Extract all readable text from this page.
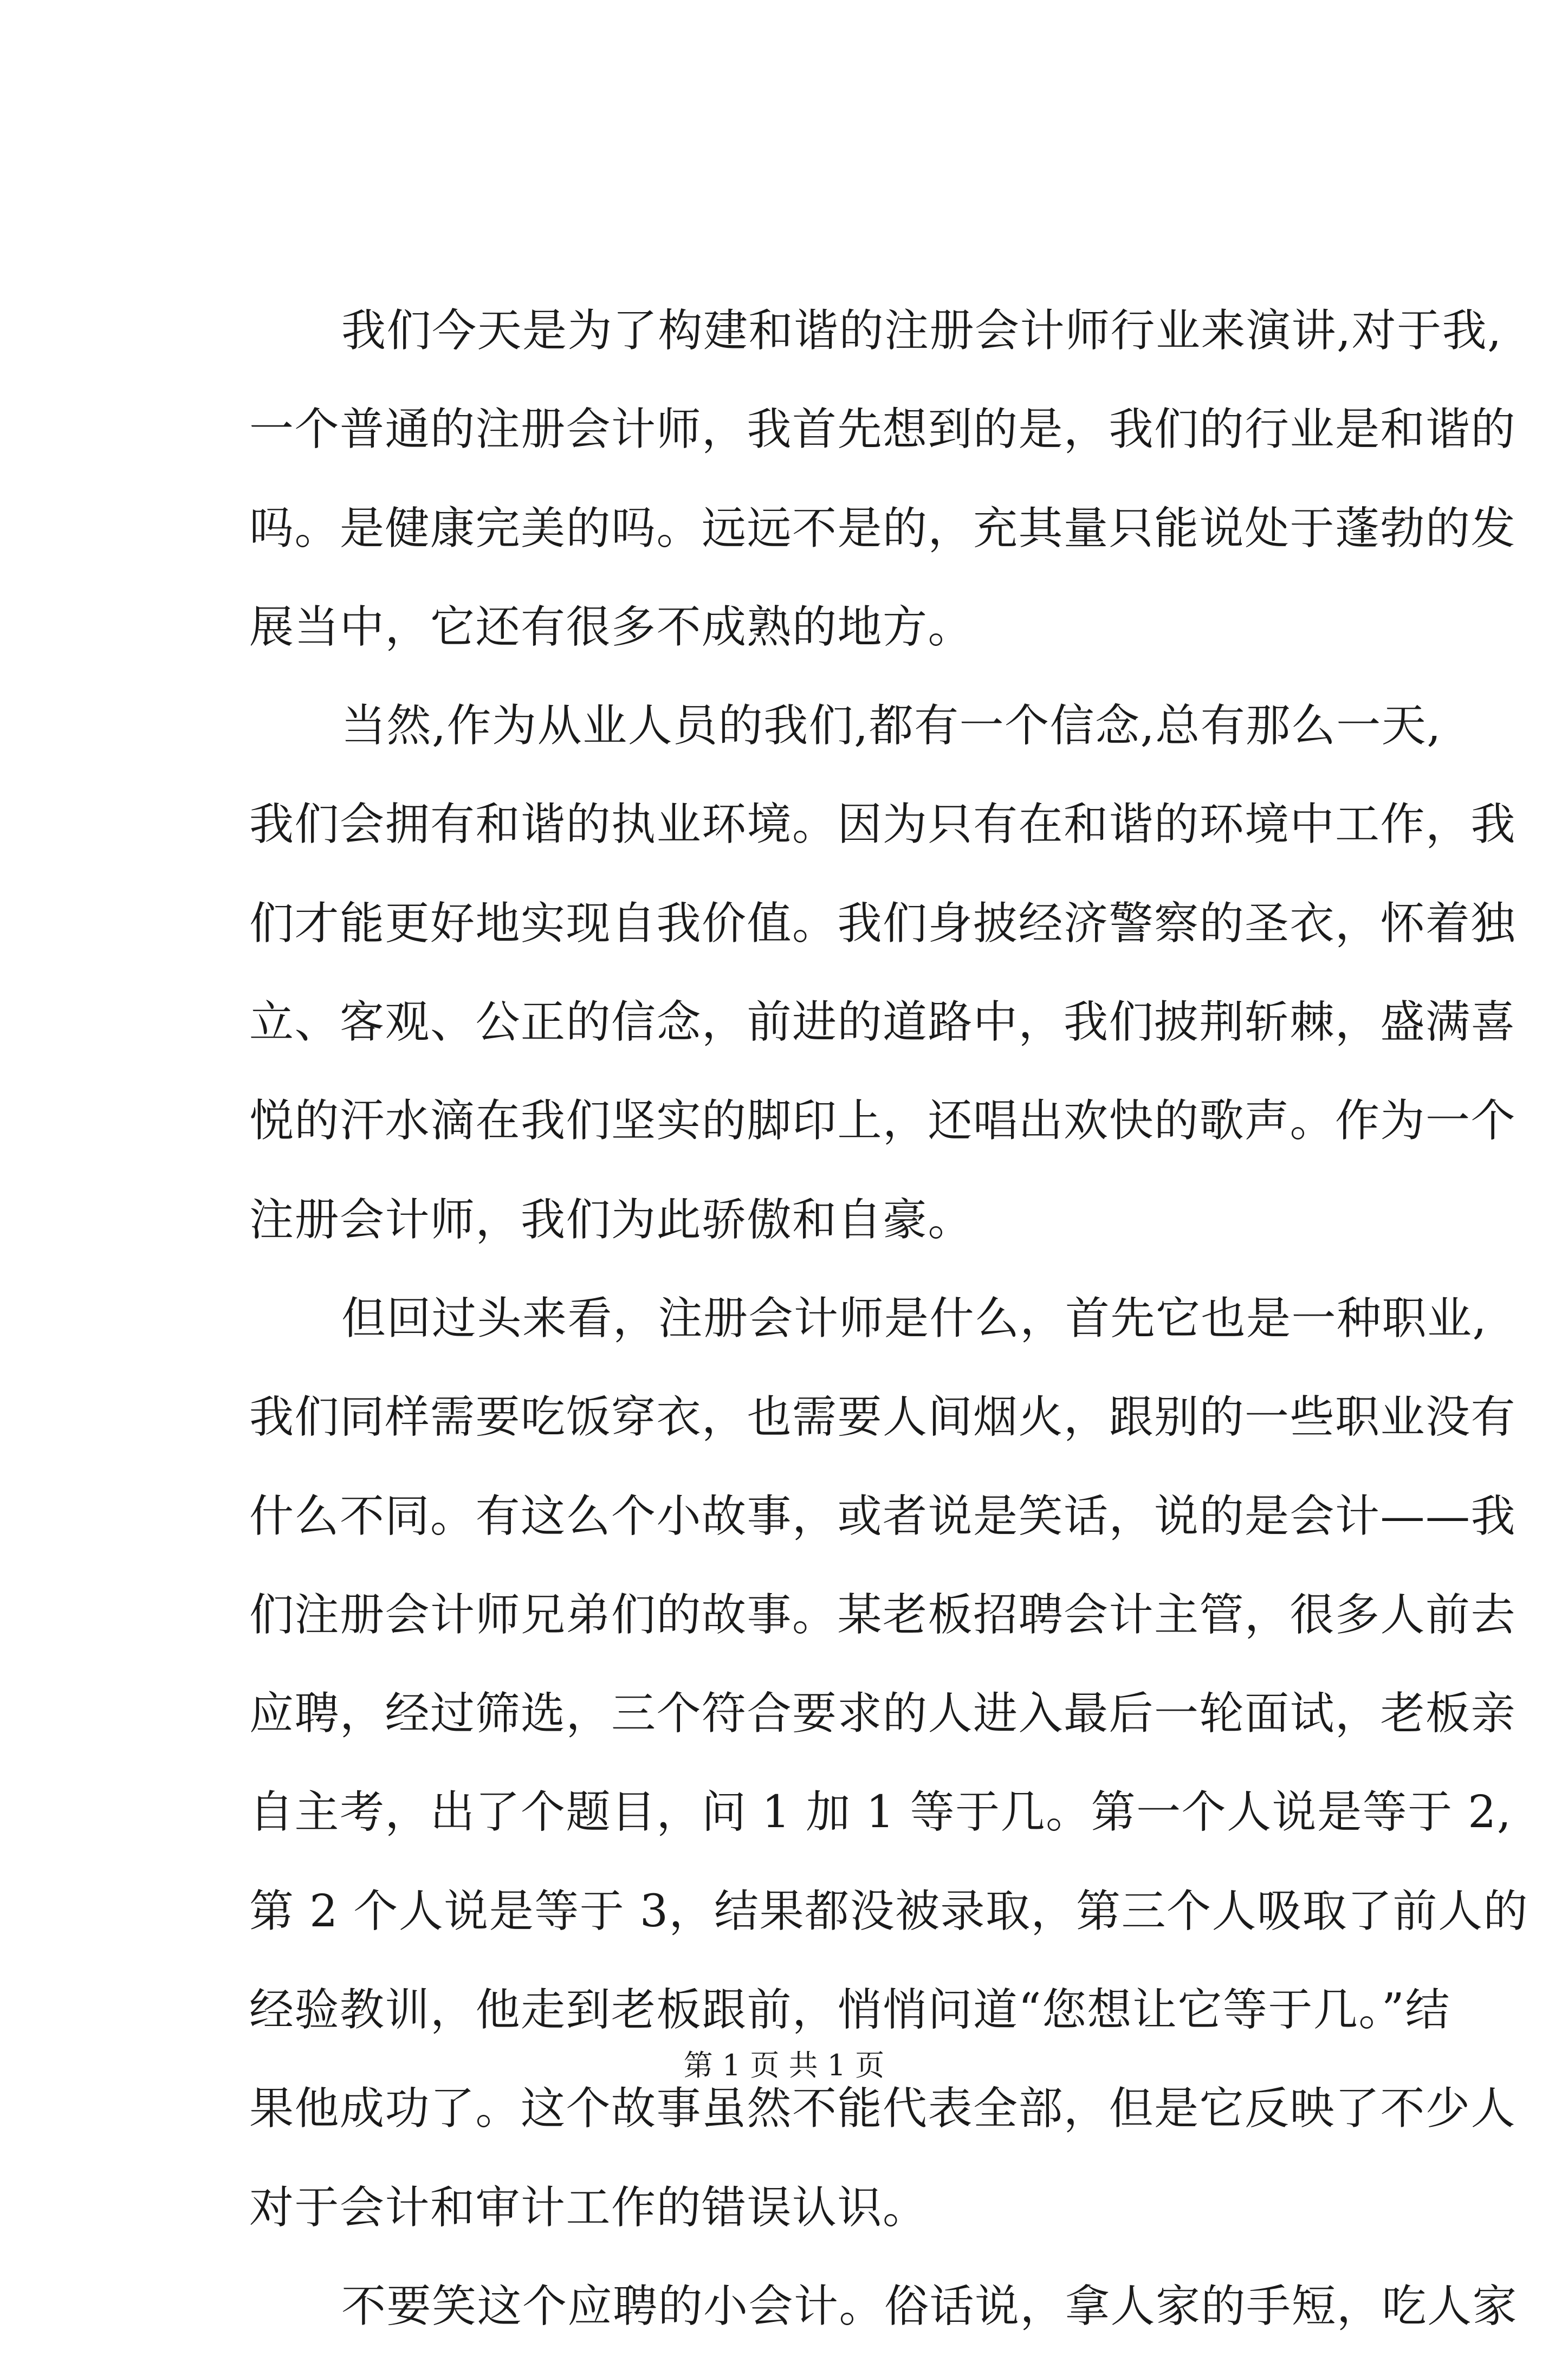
我们今天是为了构建和谐的注册会计师行业来演讲,对于我,
一个普通的注册会计师，我首先想到的是，我们的行业是和谐的
吗。是健康完美的吗。远远不是的，充其量只能说处于蓬勃的发
展当中，它还有很多不成熟的地方。
当然,作为从业人员的我们,都有一个信念,总有那么一天,
我们会拥有和谐的执业环境。因为只有在和谐的环境中工作，我
们才能更好地实现自我价值。我们身披经济警察的圣衣，怀着独
立、客观、公正的信念，前进的道路中，我们披荆斩棘，盛满喜
悦的汗水滴在我们坚实的脚印上，还唱出欢快的歌声。作为一个
注册会计师，我们为此骄傲和自豪。
但回过头来看，注册会计师是什么，首先它也是一种职业,
我们同样需要吃饭穿衣，也需要人间烟火，跟别的一些职业没有
什么不同。有这么个小故事，或者说是笑话，说的是会计——我
们注册会计师兄弟们的故事。某老板招聘会计主管，很多人前去
应聘，经过筛选，三个符合要求的人进入最后一轮面试，老板亲
自主考，出了个题目，问 1 加 1 等于几。第一个人说是等于 2,
第 2 个人说是等于 3，结果都没被录取，第三个人吸取了前人的
经验教训，他走到老板跟前，悄悄问道“您想让它等于几。”结
果他成功了。这个故事虽然不能代表全部，但是它反映了不少人
对于会计和审计工作的错误认识。
不要笑这个应聘的小会计。俗话说，拿人家的手短，吃人家
第 1 页 共 1 页
